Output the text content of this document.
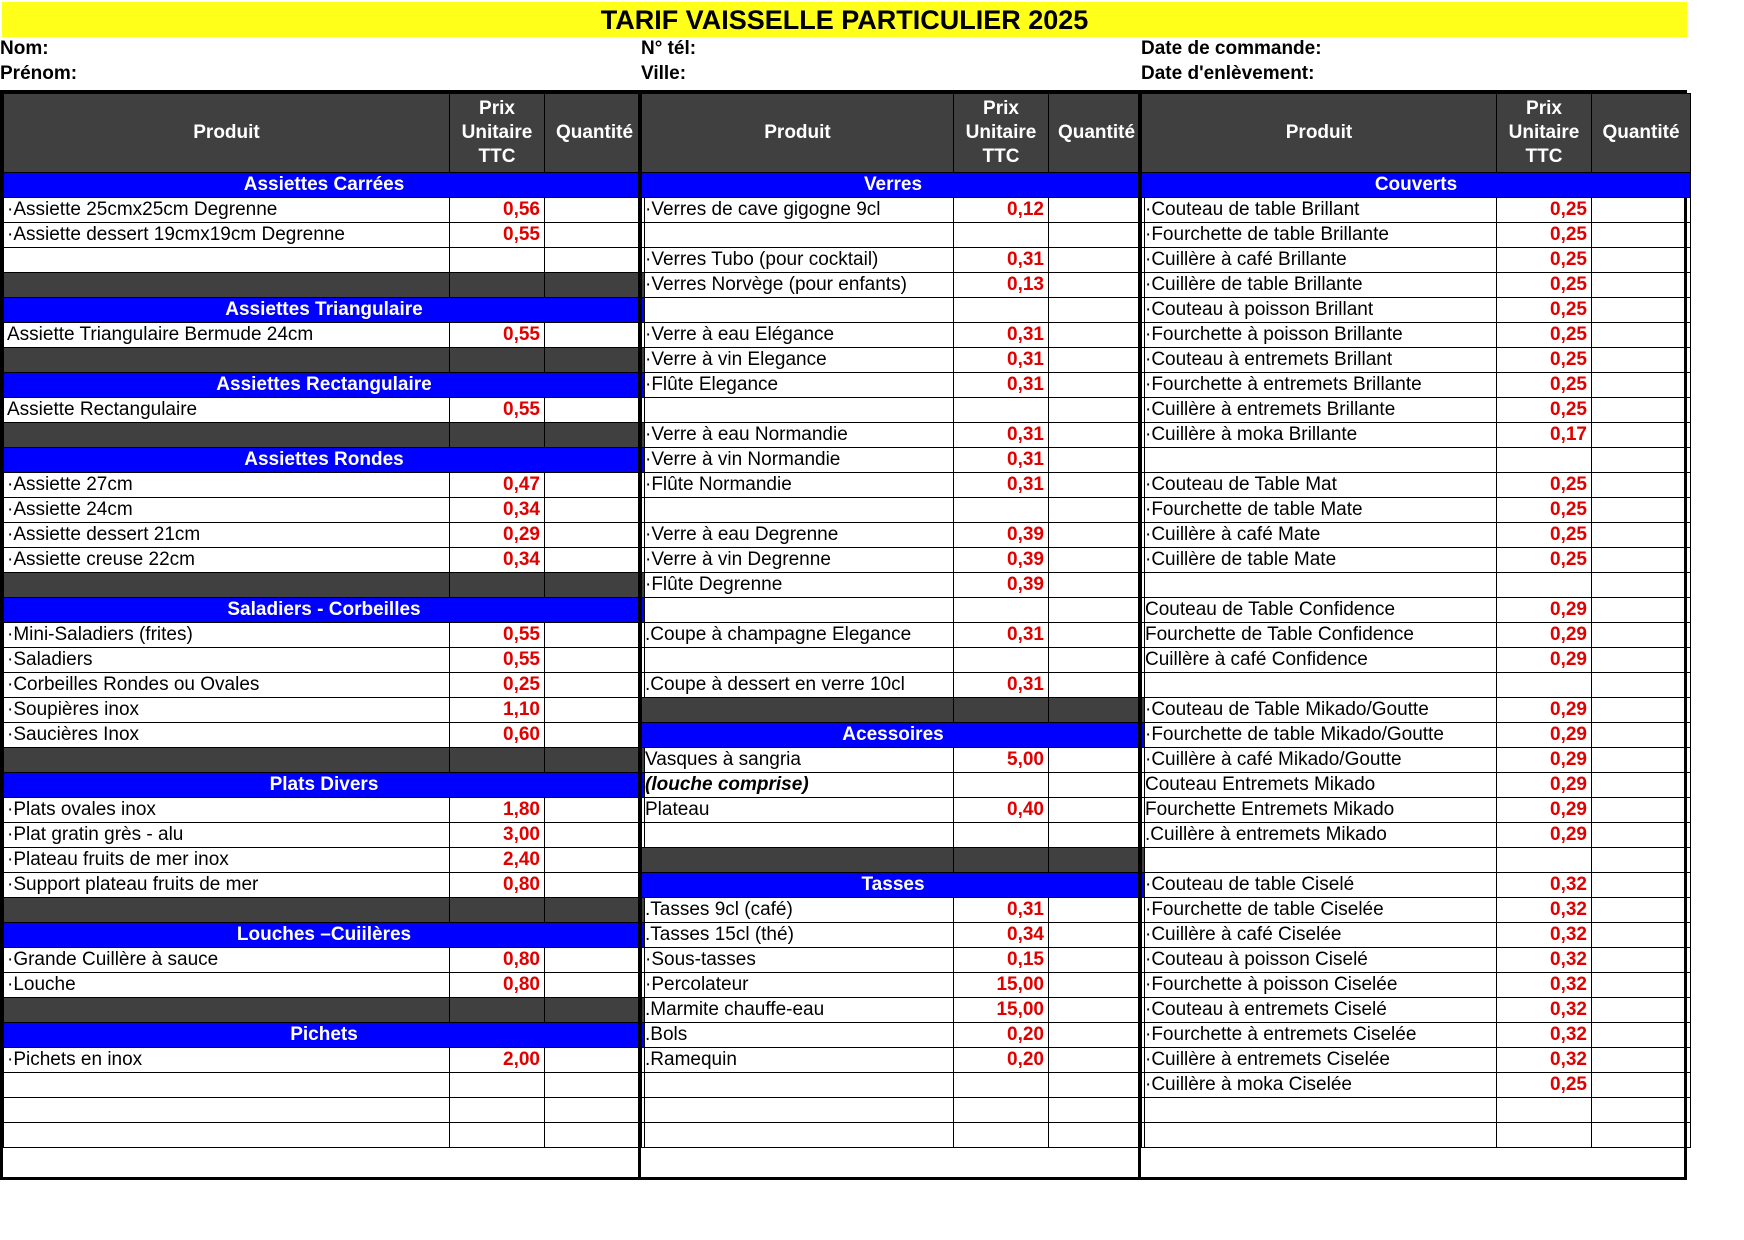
TARIF VAISSELLE PARTICULIER 2025
Nom:
Prénom:
N° tél:
Ville:
Date de commande:
Date d'enlèvement:
Produit	Prix
Unitaire
TTC	Quantité
Assiettes Carrées		
·Assiette 25cmx25cm Degrenne	0,56	
·Assiette dessert 19cmx19cm Degrenne	0,55	

Assiettes Triangulaire		
Assiette Triangulaire Bermude 24cm	0,55	

Assiettes Rectangulaire		
Assiette Rectangulaire	0,55	

Assiettes Rondes		
·Assiette 27cm	0,47	
·Assiette 24cm	0,34	
·Assiette dessert 21cm	0,29	
·Assiette creuse 22cm	0,34	

Saladiers - Corbeilles		
·Mini-Saladiers (frites)	0,55	
·Saladiers	0,55	
·Corbeilles Rondes ou Ovales	0,25	
·Soupières inox	1,10	
·Saucières Inox	0,60	

Plats Divers		
·Plats ovales inox	1,80	
·Plat gratin grès - alu	3,00	
·Plateau fruits de mer inox	2,40	
·Support plateau fruits de mer	0,80	

Louches –Cuiilères		
·Grande Cuillère à sauce	0,80	
·Louche	0,80	

Pichets		
·Pichets en inox	2,00	

Produit	Prix
Unitaire
TTC	Quantité
Verres		
·Verres de cave gigogne 9cl	0,12	

·Verres Tubo (pour cocktail)	0,31	
·Verres Norvège (pour enfants)	0,13	

·Verre à eau Elégance	0,31	
·Verre à vin Elegance	0,31	
·Flûte Elegance	0,31	

·Verre à eau Normandie	0,31	
·Verre à vin Normandie	0,31	
·Flûte Normandie	0,31	

·Verre à eau Degrenne	0,39	
·Verre à vin Degrenne	0,39	
·Flûte Degrenne	0,39	

.Coupe à champagne Elegance	0,31	

.Coupe à dessert en verre 10cl	0,31	

Acessoires		
Vasques à sangria	5,00	
(louche comprise)		
Plateau	0,40	

Tasses		
.Tasses 9cl (café)	0,31	
.Tasses 15cl (thé)	0,34	
·Sous-tasses	0,15	
·Percolateur	15,00	
.Marmite chauffe-eau	15,00	
.Bols	0,20	
.Ramequin	0,20	

Produit	Prix
Unitaire
TTC	Quantité
Couverts		
·Couteau de table Brillant	0,25	
·Fourchette de table Brillante	0,25	
·Cuillère à café Brillante	0,25	
·Cuillère de table Brillante	0,25	
·Couteau à poisson Brillant	0,25	
·Fourchette à poisson Brillante	0,25	
·Couteau à entremets Brillant	0,25	
·Fourchette à entremets Brillante	0,25	
·Cuillère à entremets Brillante	0,25	
·Cuillère à moka Brillante	0,17	

·Couteau de Table Mat	0,25	
·Fourchette de table Mate	0,25	
·Cuillère à café Mate	0,25	
·Cuillère de table Mate	0,25	

Couteau de Table Confidence	0,29	
Fourchette de Table Confidence	0,29	
Cuillère à café Confidence	0,29	

·Couteau de Table Mikado/Goutte	0,29	
·Fourchette de table Mikado/Goutte	0,29	
·Cuillère à café Mikado/Goutte	0,29	
Couteau Entremets Mikado	0,29	
Fourchette Entremets Mikado	0,29	
.Cuillère à entremets Mikado	0,29	

·Couteau de table Ciselé	0,32	
·Fourchette de table Ciselée	0,32	
·Cuillère à café Ciselée	0,32	
·Couteau à poisson Ciselé	0,32	
·Fourchette à poisson Ciselée	0,32	
·Couteau à entremets Ciselé	0,32	
·Fourchette à entremets Ciselée	0,32	
·Cuillère à entremets Ciselée	0,32	
·Cuillère à moka Ciselée	0,25	
